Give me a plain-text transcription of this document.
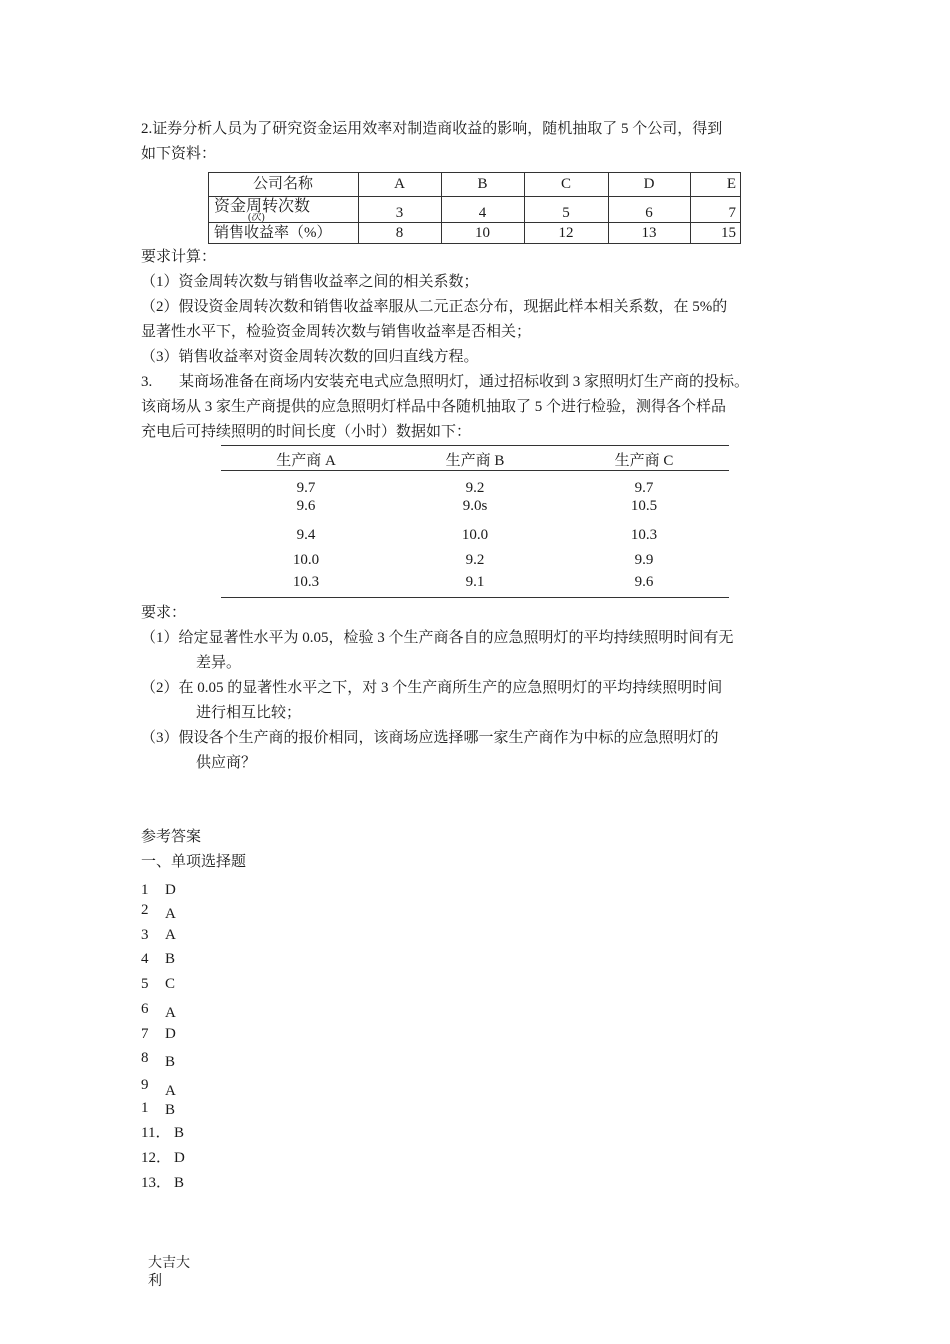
2.证券分析人员为了研究资金运用效率对制造商收益的影响，随机抽取了 5 个公司，得到
如下资料：
公司名称	A	B	C	D	E
资金周转次数
(次)	3	4	5	6	7
销售收益率（%）	8	10	12	13	15
要求计算：
（1）资金周转次数与销售收益率之间的相关系数；
（2）假设资金周转次数和销售收益率服从二元正态分布，现据此样本相关系数，在 5%的
显著性水平下，检验资金周转次数与销售收益率是否相关；
（3）销售收益率对资金周转次数的回归直线方程。
3. 某商场准备在商场内安装充电式应急照明灯，通过招标收到 3 家照明灯生产商的投标。
该商场从 3 家生产商提供的应急照明灯样品中各随机抽取了 5 个进行检验，测得各个样品
充电后可持续照明的时间长度（小时）数据如下：
生产商 A	生产商 B	生产商 C
9.7	9.2	9.7
9.6	9.0s	10.5
9.4	10.0	10.3
10.0	9.2	9.9
10.3	9.1	9.6
要求：
（1）给定显著性水平为 0.05，检验 3 个生产商各自的应急照明灯的平均持续照明时间有无
差异。
（2）在 0.05 的显著性水平之下，对 3 个生产商所生产的应急照明灯的平均持续照明时间
进行相互比较；
（3）假设各个生产商的报价相同，该商场应选择哪一家生产商作为中标的应急照明灯的
供应商？
参考答案
一、单项选择题
1 D
2 A
3 A
4 B
5 C
6 A
7 D
8 B
9 A
1 B
11． B
12． D
13． B
大吉大
利
